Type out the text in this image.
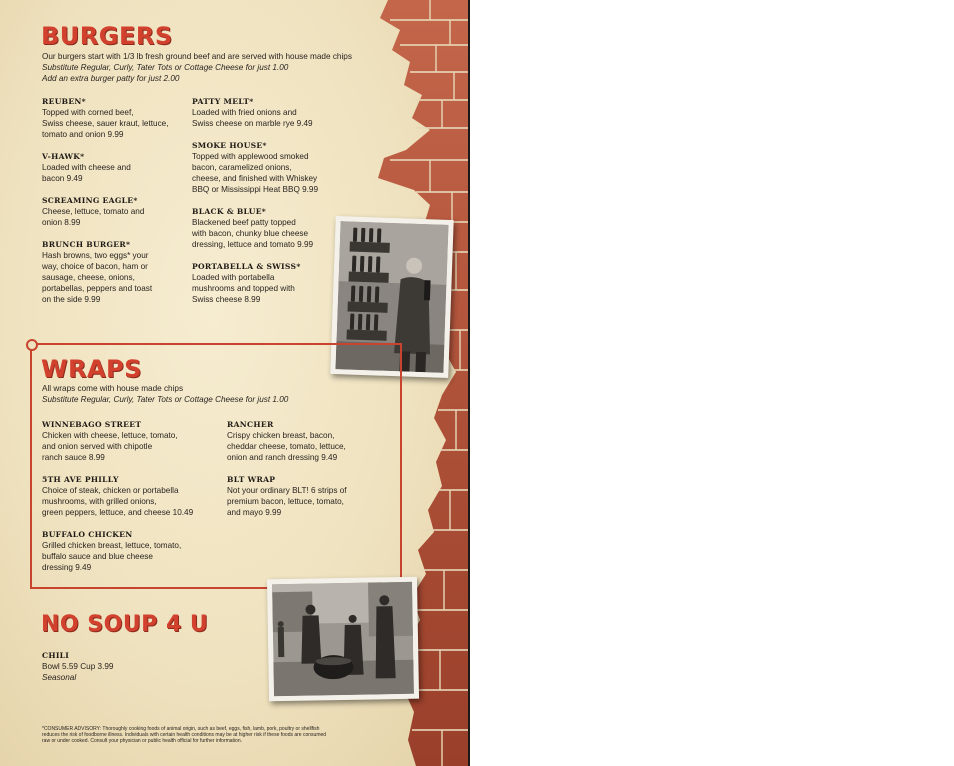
BURGERS
Our burgers start with 1/3 lb fresh ground beef and are served with house made chips
Substitute Regular, Curly, Tater Tots or Cottage Cheese for just 1.00
Add an extra burger patty for just 2.00
REUBEN*
Topped with corned beef,
Swiss cheese, sauer kraut, lettuce,
tomato and onion 9.99
V-HAWK*
Loaded with cheese and
bacon 9.49
SCREAMING EAGLE*
Cheese, lettuce, tomato and
onion 8.99
BRUNCH BURGER*
Hash browns, two eggs* your
way, choice of bacon, ham or
sausage, cheese, onions,
portabellas, peppers and toast
on the side 9.99
PATTY MELT*
Loaded with fried onions and
Swiss cheese on marble rye 9.49
SMOKE HOUSE*
Topped with applewood smoked
bacon, caramelized onions,
cheese, and finished with Whiskey
BBQ or Mississippi Heat BBQ 9.99
BLACK & BLUE*
Blackened beef patty topped
with bacon, chunky blue cheese
dressing, lettuce and tomato 9.99
PORTABELLA & SWISS*
Loaded with portabella
mushrooms and topped with
Swiss cheese 8.99
WRAPS
All wraps come with house made chips
Substitute Regular, Curly, Tater Tots or Cottage Cheese for just 1.00
WINNEBAGO STREET
Chicken with cheese, lettuce, tomato,
and onion served with chipotle
ranch sauce 8.99
5TH AVE PHILLY
Choice of steak, chicken or portabella
mushrooms, with grilled onions,
green peppers, lettuce, and cheese 10.49
BUFFALO CHICKEN
Grilled chicken breast, lettuce, tomato,
buffalo sauce and blue cheese
dressing 9.49
RANCHER
Crispy chicken breast, bacon,
cheddar cheese, tomato, lettuce,
onion and ranch dressing 9.49
BLT WRAP
Not your ordinary BLT! 6 strips of
premium bacon, lettuce, tomato,
and mayo 9.99
NO SOUP 4 U
CHILI
Bowl 5.59 Cup 3.99
Seasonal
*CONSUMER ADVISORY: Thoroughly cooking foods of animal origin, such as beef, eggs, fish, lamb, pork, poultry or shellfish
reduces the risk of foodborne illness. Individuals with certain health conditions may be at higher risk if these foods are consumed
raw or under cooked. Consult your physician or public health official for further information.
